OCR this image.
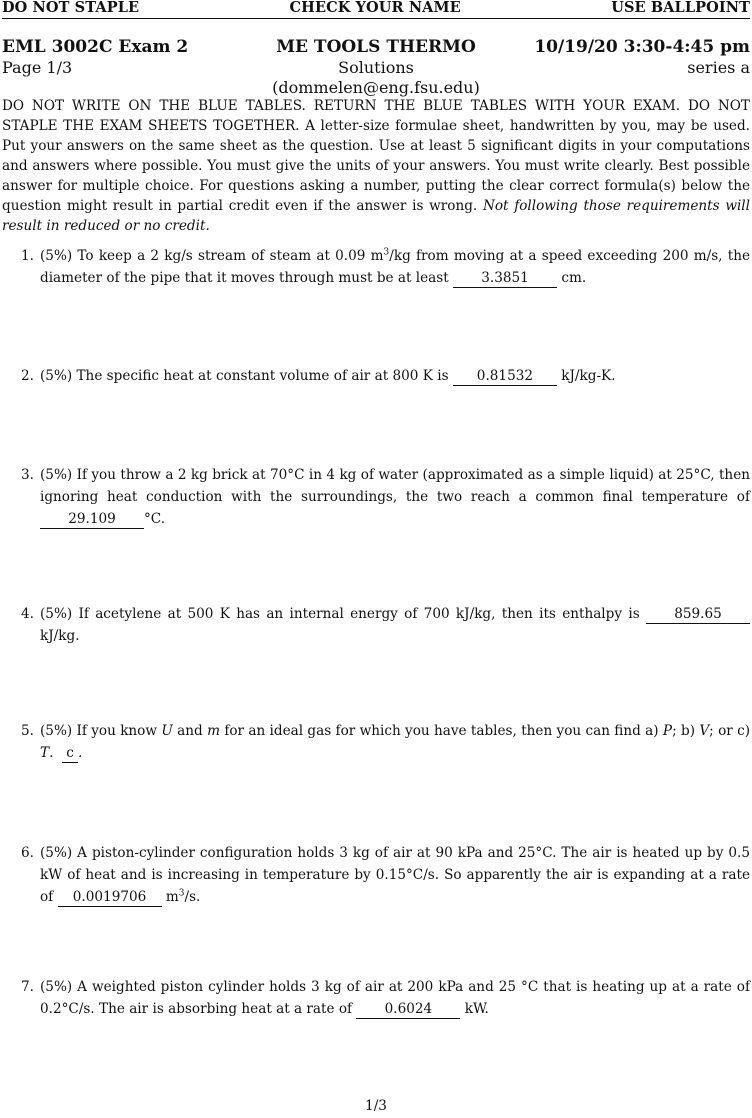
DO NOT STAPLE	CHECK YOUR NAME	USE BALLPOINT
EML 3002C Exam 2	ME TOOLS THERMO	10/19/20 3:30-4:45 pm
Page 1/3	Solutions (dommelen@eng.fsu.edu)
series a
DO NOT WRITE ON THE BLUE TABLES. RETURN THE BLUE TABLES WITH YOUR EXAM. DO NOT STAPLE THE EXAM SHEETS TOGETHER. A letter-size formulae sheet, handwritten by you, may be used. Put your answers on the same sheet as the question. Use at least 5 significant digits in your computations and answers where possible. You must give the units of your answers. You must write clearly. Best possible answer for multiple choice. For questions asking a number, putting the clear correct formula(s) below the question might result in partial credit even if the answer is wrong. Not following those requirements will result in reduced or no credit.
1. (5%) To keep a 2 kg/s stream of steam at 0.09 $m^3/kg$ from moving at a speed exceeding 200 m/s, the diameter of the pipe that it moves through must be at least 3.3851 cm.
2. (5%) The specific heat at constant volume of air at 800 K is 0.81532 kJ/kg-K.
3. (5%) If you throw a 2 kg brick at 70°C in 4 kg of water (approximated as a simple liquid) at 25°C, then ignoring heat conduction with the surroundings, the two reach a common final temperature of 29.109 °C.
4. (5%) If acetylene at 500 K has an internal energy of 700 kJ/kg, then its enthalpy is	859.65 kJ/kg.
5. (5%) If you know U and m for an ideal gas for which you have tables, then you can find a) P; b) V; or c) T. c .
6. (5%) A piston-cylinder configuration holds 3 kg of air at 90 kPa and 25°C. The air is heated up by 0.5 kW of heat and is increasing in temperature by 0.15°C/s. So apparently the air is expanding at a rate of 0.0019706 $m^3/s$.
7. (5%) A weighted piston cylinder holds 3 kg of air at 200 kPa and 25 °C that is heating up at a rate of 0.2°C/s. The air is absorbing heat at a rate of 0.6024 kW.
1/3
